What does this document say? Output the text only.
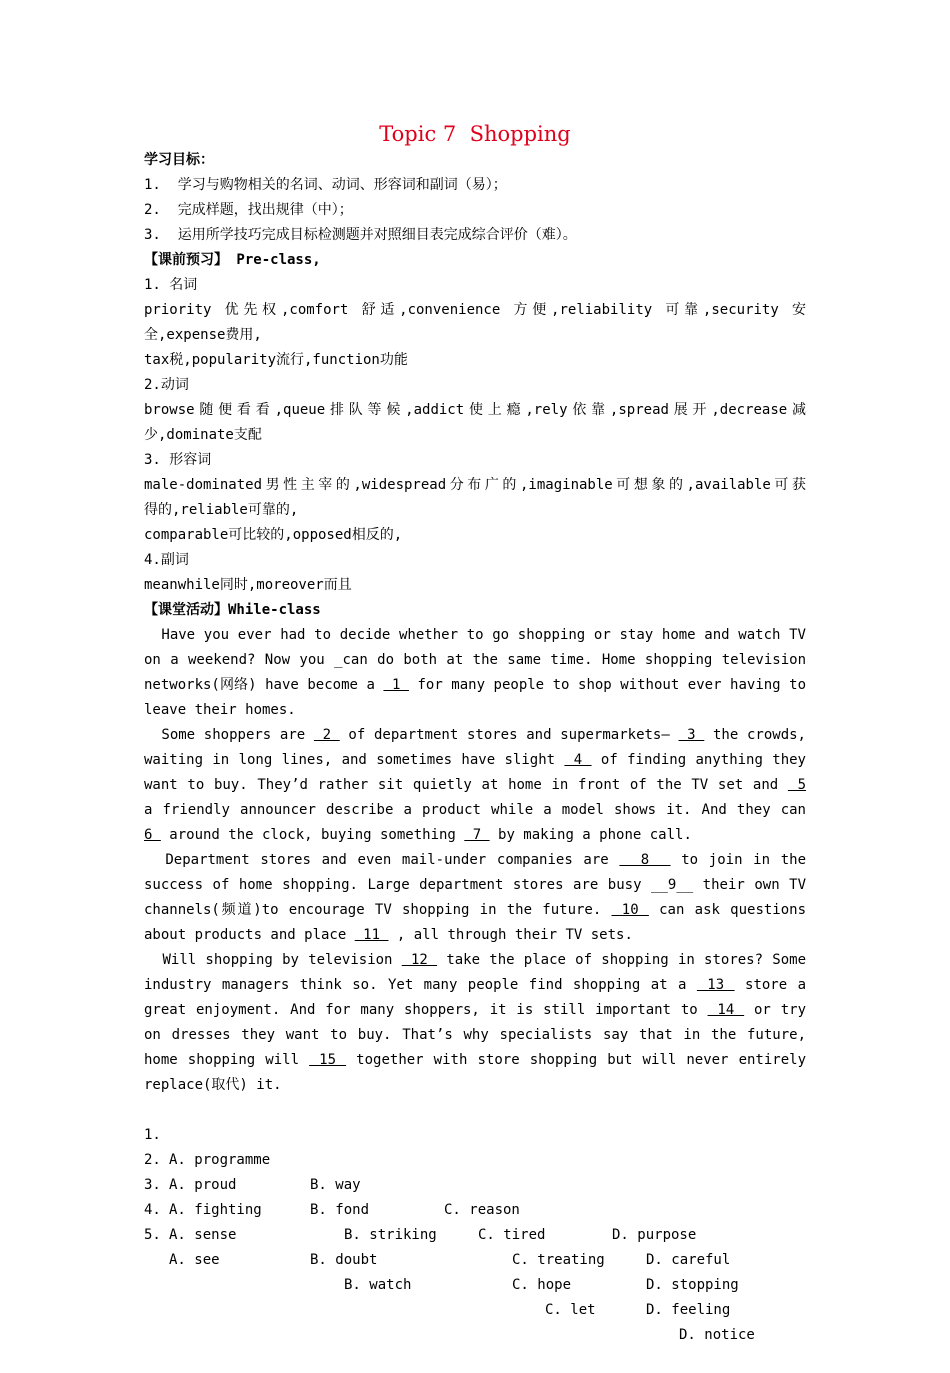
Topic 7  Shopping
学习目标：
1.  学习与购物相关的名词、动词、形容词和副词（易）；
2.  完成样题，找出规律（中）；
3.  运用所学技巧完成目标检测题并对照细目表完成综合评价（难）。
【课前预习】 Pre-class,
1. 名词
priority 优先权,comfort 舒适,convenience 方便,reliability 可靠,security 安
全,expense费用,
tax税,popularity流行,function功能
2.动词
browse随便看看,queue排队等候,addict使上瘾,rely依靠,spread展开,decrease减
少,dominate支配
3. 形容词
male-dominated男性主宰的,widespread分布广的,imaginable可想象的,available可获
得的,reliable可靠的,
comparable可比较的,opposed相反的,
4.副词
meanwhile同时,moreover而且
【课堂活动】While-class
Have you ever had to decide whether to go shopping or stay home and watch TV
on a weekend? Now you _can do both at the same time. Home shopping television
networks(网络) have become a  1  for many people to shop without ever having to
leave their homes.
Some shoppers are  2  of department stores and supermarkets—  3  the crowds,
waiting in long lines, and sometimes have slight  4  of finding anything they
want to buy. They’d rather sit quietly at home in front of the TV set and  5
a friendly announcer describe a product while a model shows it. And they can
6  around the clock, buying something  7  by making a phone call.
Department stores and even mail-under companies are   8   to join in the
success of home shopping. Large department stores are busy __9__ their own TV
channels(频道)to encourage TV shopping in the future.  10  can ask questions
about products and place  11  , all through their TV sets.
Will shopping by television  12  take the place of shopping in stores? Some
industry managers think so. Yet many people find shopping at a  13  store a
great enjoyment. And for many shoppers, it is still important to  14  or try
on dresses they want to buy. That’s why specialists say that in the future,
home shopping will  15  together with store shopping but will never entirely
replace(取代) it.

1.

A. programme

B. way

C. reason

D. purpose

2.

A. proud

B. fond

C. tired

D. careful

3.

A. fighting

B. striking

C. treating

D. stopping

4.

A. sense

B. doubt

C. hope

D. feeling

5.

A. see

B. watch

C. let

D. notice
